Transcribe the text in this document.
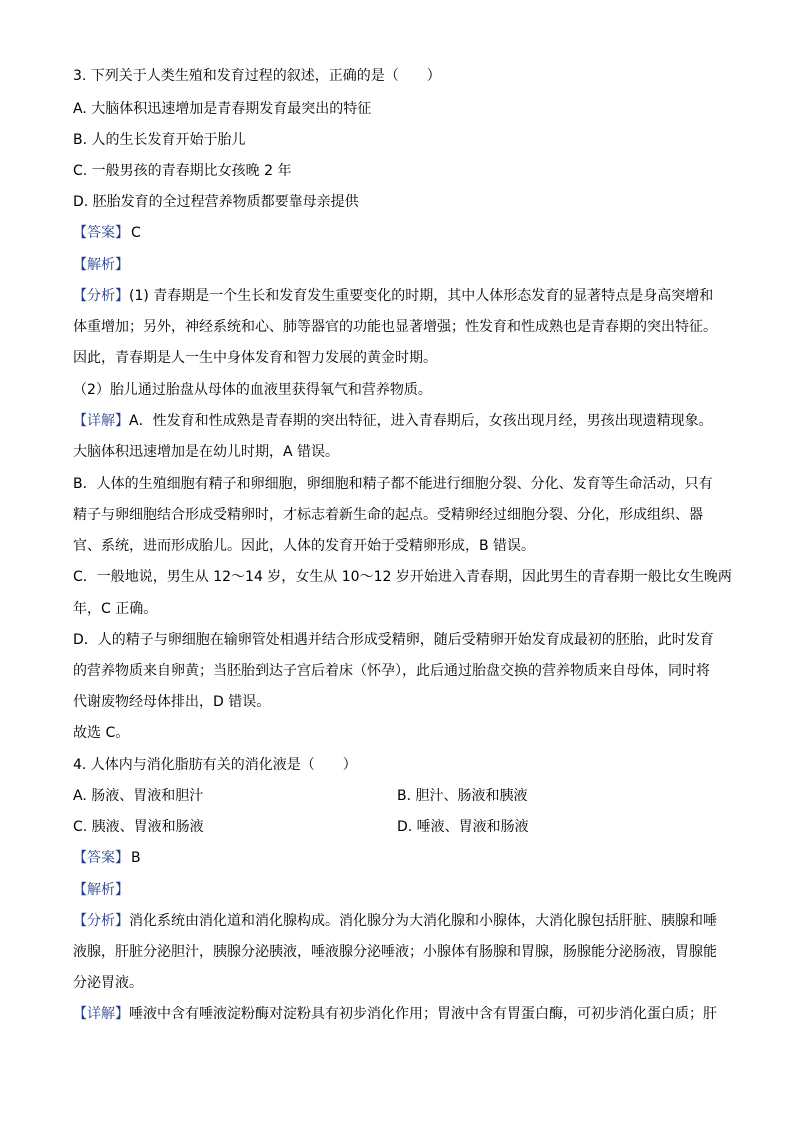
3. 下列关于人类生殖和发育过程的叙述，正确的是（　　）
A. 大脑体积迅速增加是青春期发育最突出的特征
B. 人的生长发育开始于胎儿
C. 一般男孩的青春期比女孩晚 2 年
D. 胚胎发育的全过程营养物质都要靠母亲提供
【答案】 C
【解析】
【分析】(1) 青春期是一个生长和发育发生重要变化的时期，其中人体形态发育的显著特点是身高突增和
体重增加；另外，神经系统和心、肺等器官的功能也显著增强；性发育和性成熟也是青春期的突出特征。
因此，青春期是人一生中身体发育和智力发展的黄金时期。
（2）胎儿通过胎盘从母体的血液里获得氧气和营养物质。
【详解】A．性发育和性成熟是青春期的突出特征，进入青春期后，女孩出现月经，男孩出现遗精现象。
大脑体积迅速增加是在幼儿时期，A 错误。
B．人体的生殖细胞有精子和卵细胞，卵细胞和精子都不能进行细胞分裂、分化、发育等生命活动，只有
精子与卵细胞结合形成受精卵时，才标志着新生命的起点。受精卵经过细胞分裂、分化，形成组织、器
官、系统，进而形成胎儿。因此，人体的发育开始于受精卵形成，B 错误。
C．一般地说，男生从 12～14 岁，女生从 10～12 岁开始进入青春期，因此男生的青春期一般比女生晚两
年，C 正确。
D．人的精子与卵细胞在输卵管处相遇并结合形成受精卵，随后受精卵开始发育成最初的胚胎，此时发育
的营养物质来自卵黄；当胚胎到达子宫后着床（怀孕），此后通过胎盘交换的营养物质来自母体，同时将
代谢废物经母体排出，D 错误。
故选 C。
4. 人体内与消化脂肪有关的消化液是（　　）
A. 肠液、胃液和胆汁	B. 胆汁、肠液和胰液
C. 胰液、胃液和肠液	D. 唾液、胃液和肠液
【答案】 B
【解析】
【分析】消化系统由消化道和消化腺构成。消化腺分为大消化腺和小腺体，大消化腺包括肝脏、胰腺和唾
液腺，肝脏分泌胆汁，胰腺分泌胰液，唾液腺分泌唾液；小腺体有肠腺和胃腺，肠腺能分泌肠液，胃腺能
分泌胃液。
【详解】唾液中含有唾液淀粉酶对淀粉具有初步消化作用；胃液中含有胃蛋白酶，可初步消化蛋白质；肝
